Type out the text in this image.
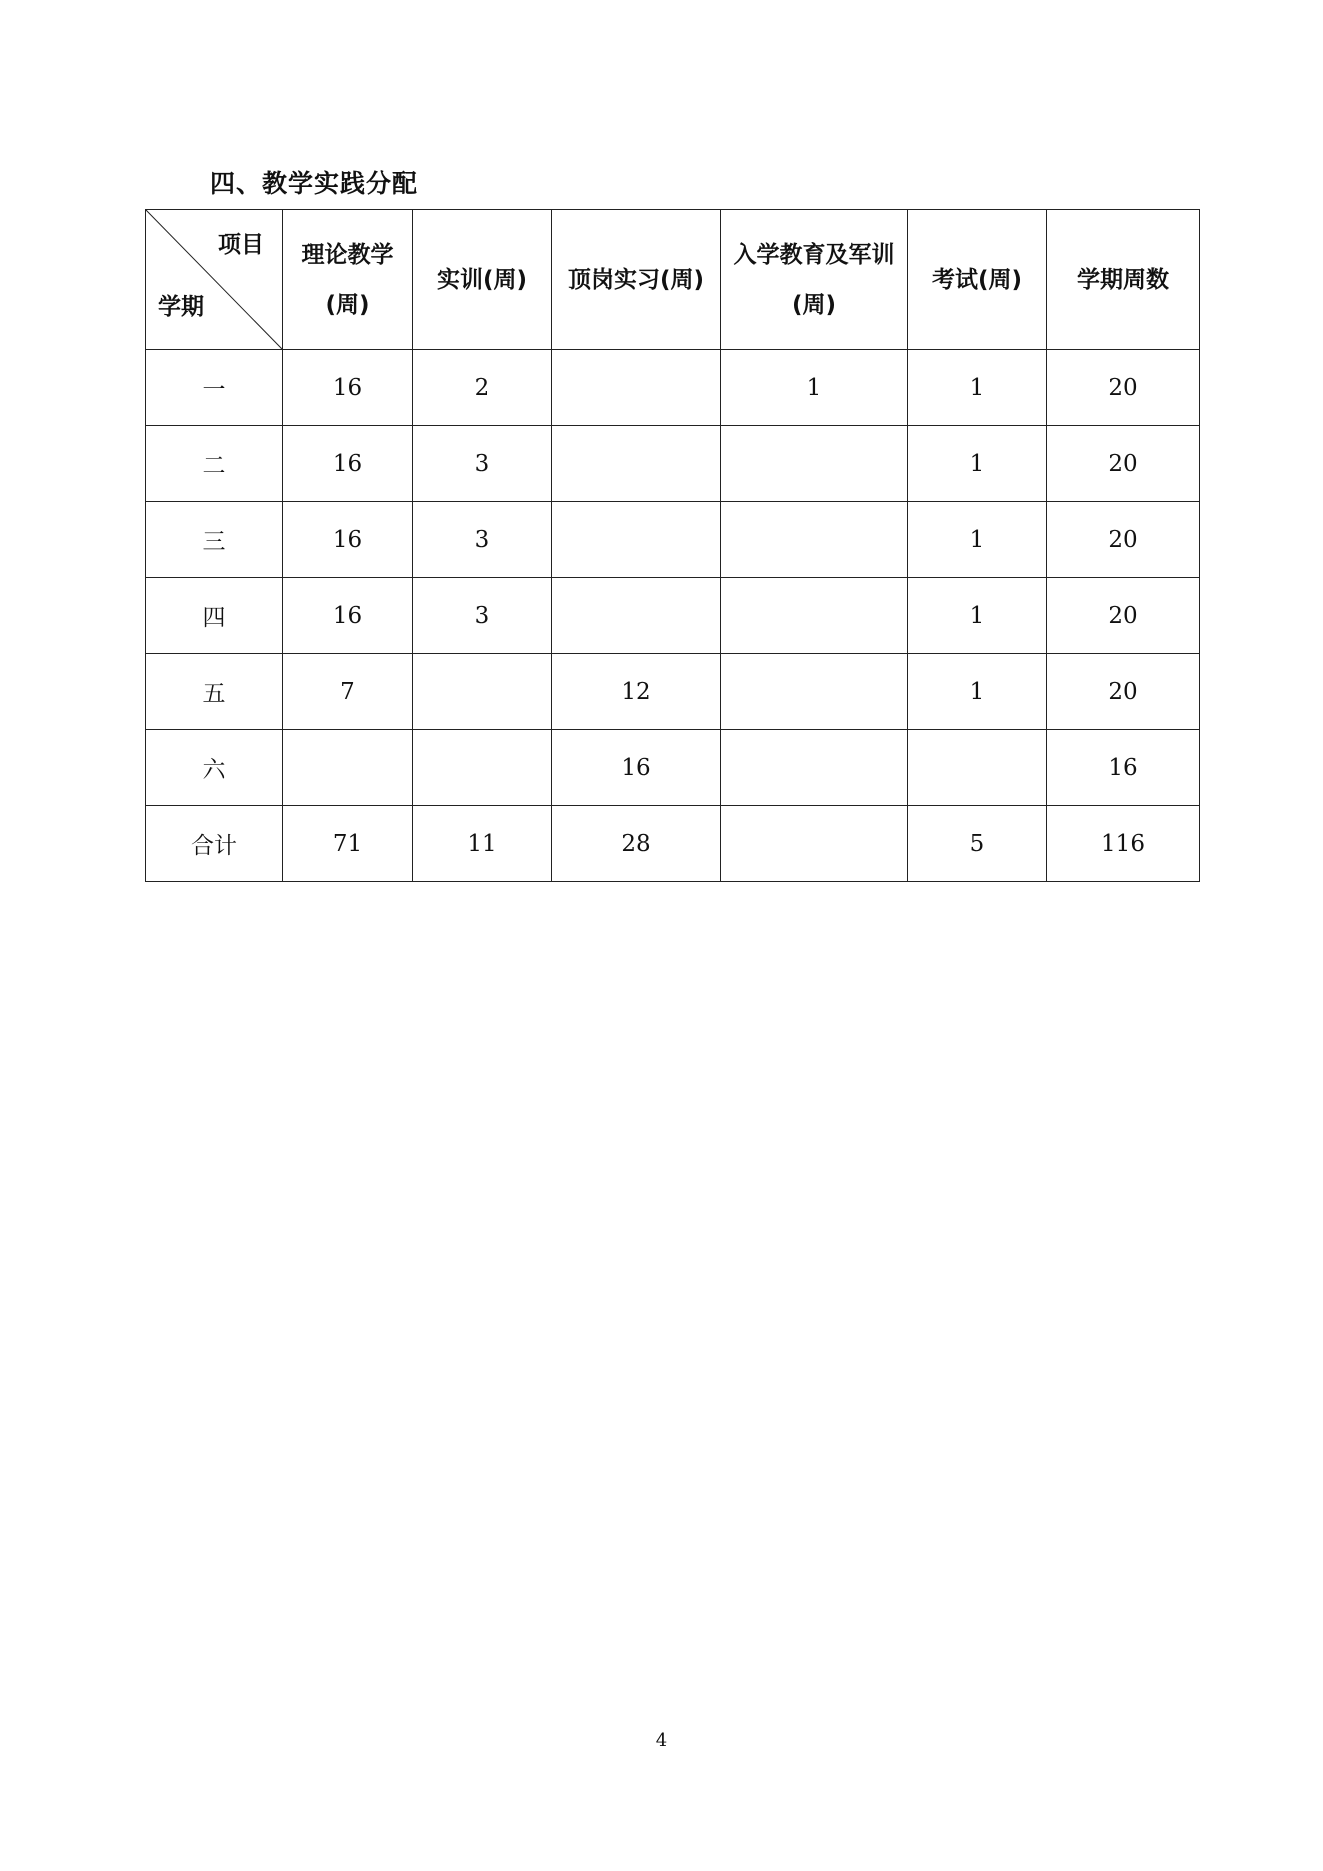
四、教学实践分配
项目
学期	理论教学(周)	实训(周)	顶岗实习(周)	入学教育及军训(周)	考试(周)	学期周数
一	16	2		1	1	20
二	16	3			1	20
三	16	3			1	20
四	16	3			1	20
五	7		12		1	20
六			16			16
合计	71	11	28		5	116
4
